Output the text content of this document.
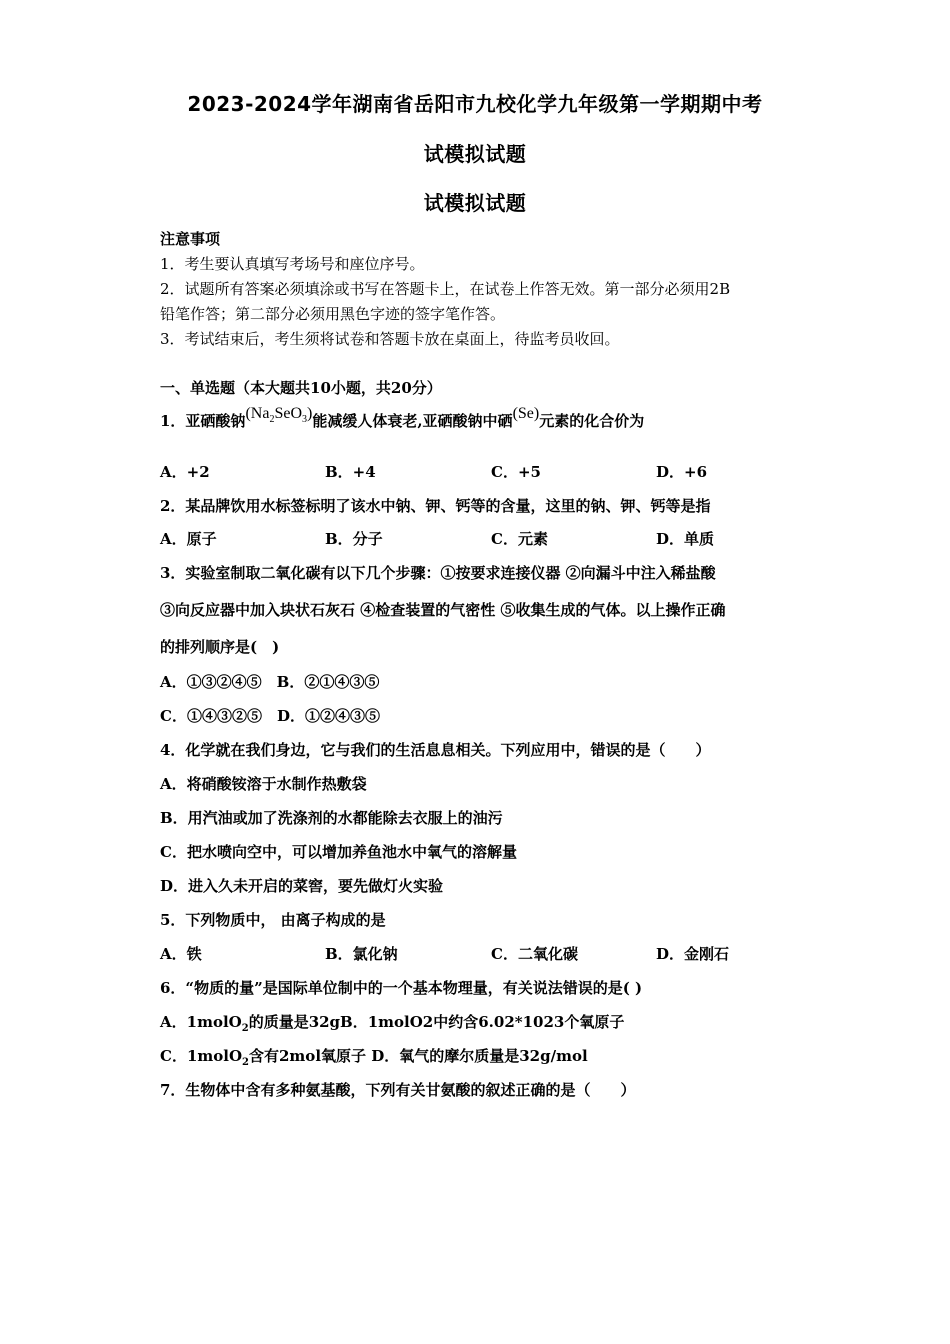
2023-2024学年湖南省岳阳市九校化学九年级第一学期期中考
试模拟试题
试模拟试题
注意事项
1．考生要认真填写考场号和座位序号。
2．试题所有答案必须填涂或书写在答题卡上，在试卷上作答无效。第一部分必须用2B
铅笔作答；第二部分必须用黑色字迹的签字笔作答。
3．考试结束后，考生须将试卷和答题卡放在桌面上，待监考员收回。
一、单选题（本大题共10小题，共20分）
1．亚硒酸钠$(Na_2SeO_3)$能减缓人体衰老,亚硒酸钠中硒(Se)元素的化合价为
A．+2	B．+4	C．+5	D．+6
2．某品牌饮用水标签标明了该水中钠、钾、钙等的含量，这里的钠、钾、钙等是指
A．原子	B．分子	C．元素	D．单质
3．实验室制取二氧化碳有以下几个步骤：①按要求连接仪器 ②向漏斗中注入稀盐酸
③向反应器中加入块状石灰石 ④检查装置的气密性 ⑤收集生成的气体。以上操作正确
的排列顺序是(　)
A．①③②④⑤　B．②①④③⑤
C．①④③②⑤　D．①②④③⑤
4．化学就在我们身边，它与我们的生活息息相关。下列应用中，错误的是（　　）
A．将硝酸铵溶于水制作热敷袋
B．用汽油或加了洗涤剂的水都能除去衣服上的油污
C．把水喷向空中，可以增加养鱼池水中氧气的溶解量
D．进入久未开启的菜窖，要先做灯火实验
5．下列物质中， 由离子构成的是
A．铁	B．氯化钠	C．二氧化碳	D．金刚石
6．“物质的量”是国际单位制中的一个基本物理量，有关说法错误的是( )
A．1molO$_2$的质量是32gB．1molO2中约含6.02*1023个氧原子
C．1molO$_2$含有2mol氧原子 D．氧气的摩尔质量是32g/mol
7．生物体中含有多种氨基酸，下列有关甘氨酸的叙述正确的是（　　）
